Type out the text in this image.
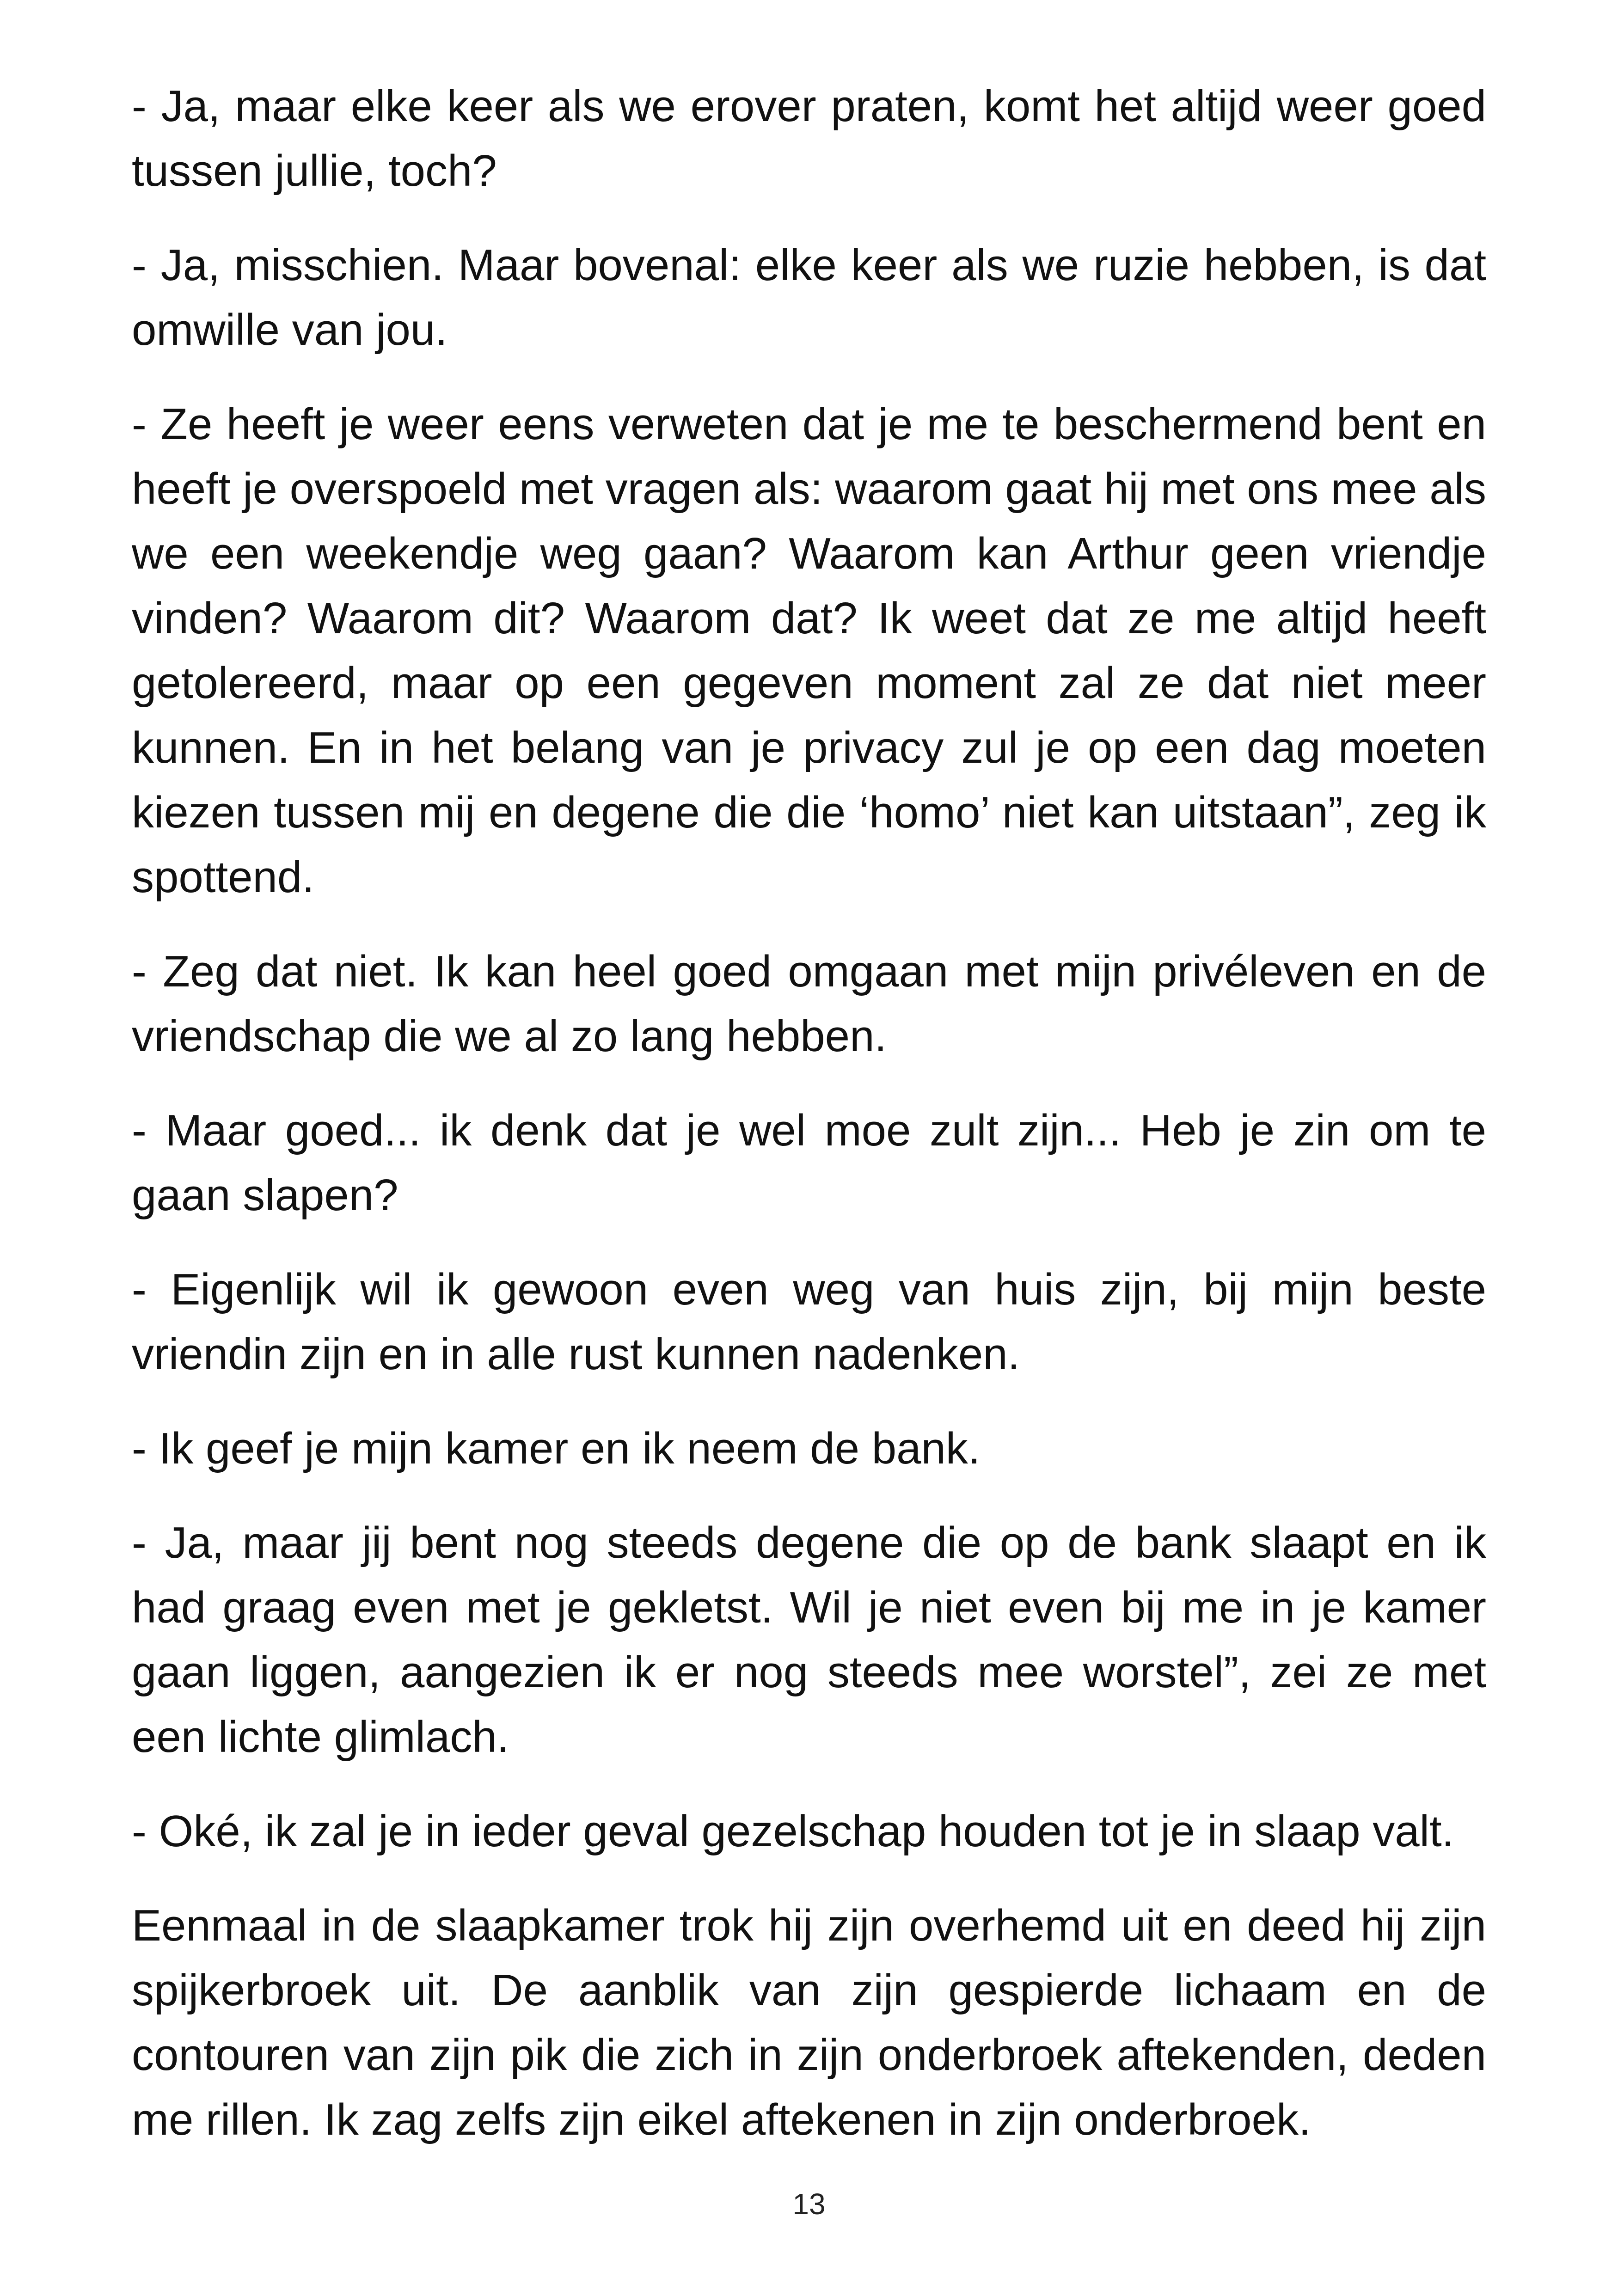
- Ja, maar elke keer als we erover praten, komt het altijd weer goed tussen jullie, toch?

- Ja, misschien. Maar bovenal: elke keer als we ruzie hebben, is dat omwille van jou.

- Ze heeft je weer eens verweten dat je me te beschermend bent en heeft je overspoeld met vragen als: waarom gaat hij met ons mee als we een weekendje weg gaan? Waarom kan Arthur geen vriendje vinden? Waarom dit? Waarom dat? Ik weet dat ze me altijd heeft getolereerd, maar op een gegeven moment zal ze dat niet meer kunnen. En in het belang van je privacy zul je op een dag moeten kiezen tussen mij en degene die die ‘homo’ niet kan uitstaan”, zeg ik spottend.

- Zeg dat niet. Ik kan heel goed omgaan met mijn privéleven en de vriendschap die we al zo lang hebben.

- Maar goed... ik denk dat je wel moe zult zijn... Heb je zin om te gaan slapen?

- Eigenlijk wil ik gewoon even weg van huis zijn, bij mijn beste vriendin zijn en in alle rust kunnen nadenken.

- Ik geef je mijn kamer en ik neem de bank.

- Ja, maar jij bent nog steeds degene die op de bank slaapt en ik had graag even met je gekletst. Wil je niet even bij me in je kamer gaan liggen, aangezien ik er nog steeds mee worstel”, zei ze met een lichte glimlach.

- Oké, ik zal je in ieder geval gezelschap houden tot je in slaap valt.

Eenmaal in de slaapkamer trok hij zijn overhemd uit en deed hij zijn spijkerbroek uit. De aanblik van zijn gespierde lichaam en de contouren van zijn pik die zich in zijn onderbroek aftekenden, deden me rillen. Ik zag zelfs zijn eikel aftekenen in zijn onderbroek.

13
